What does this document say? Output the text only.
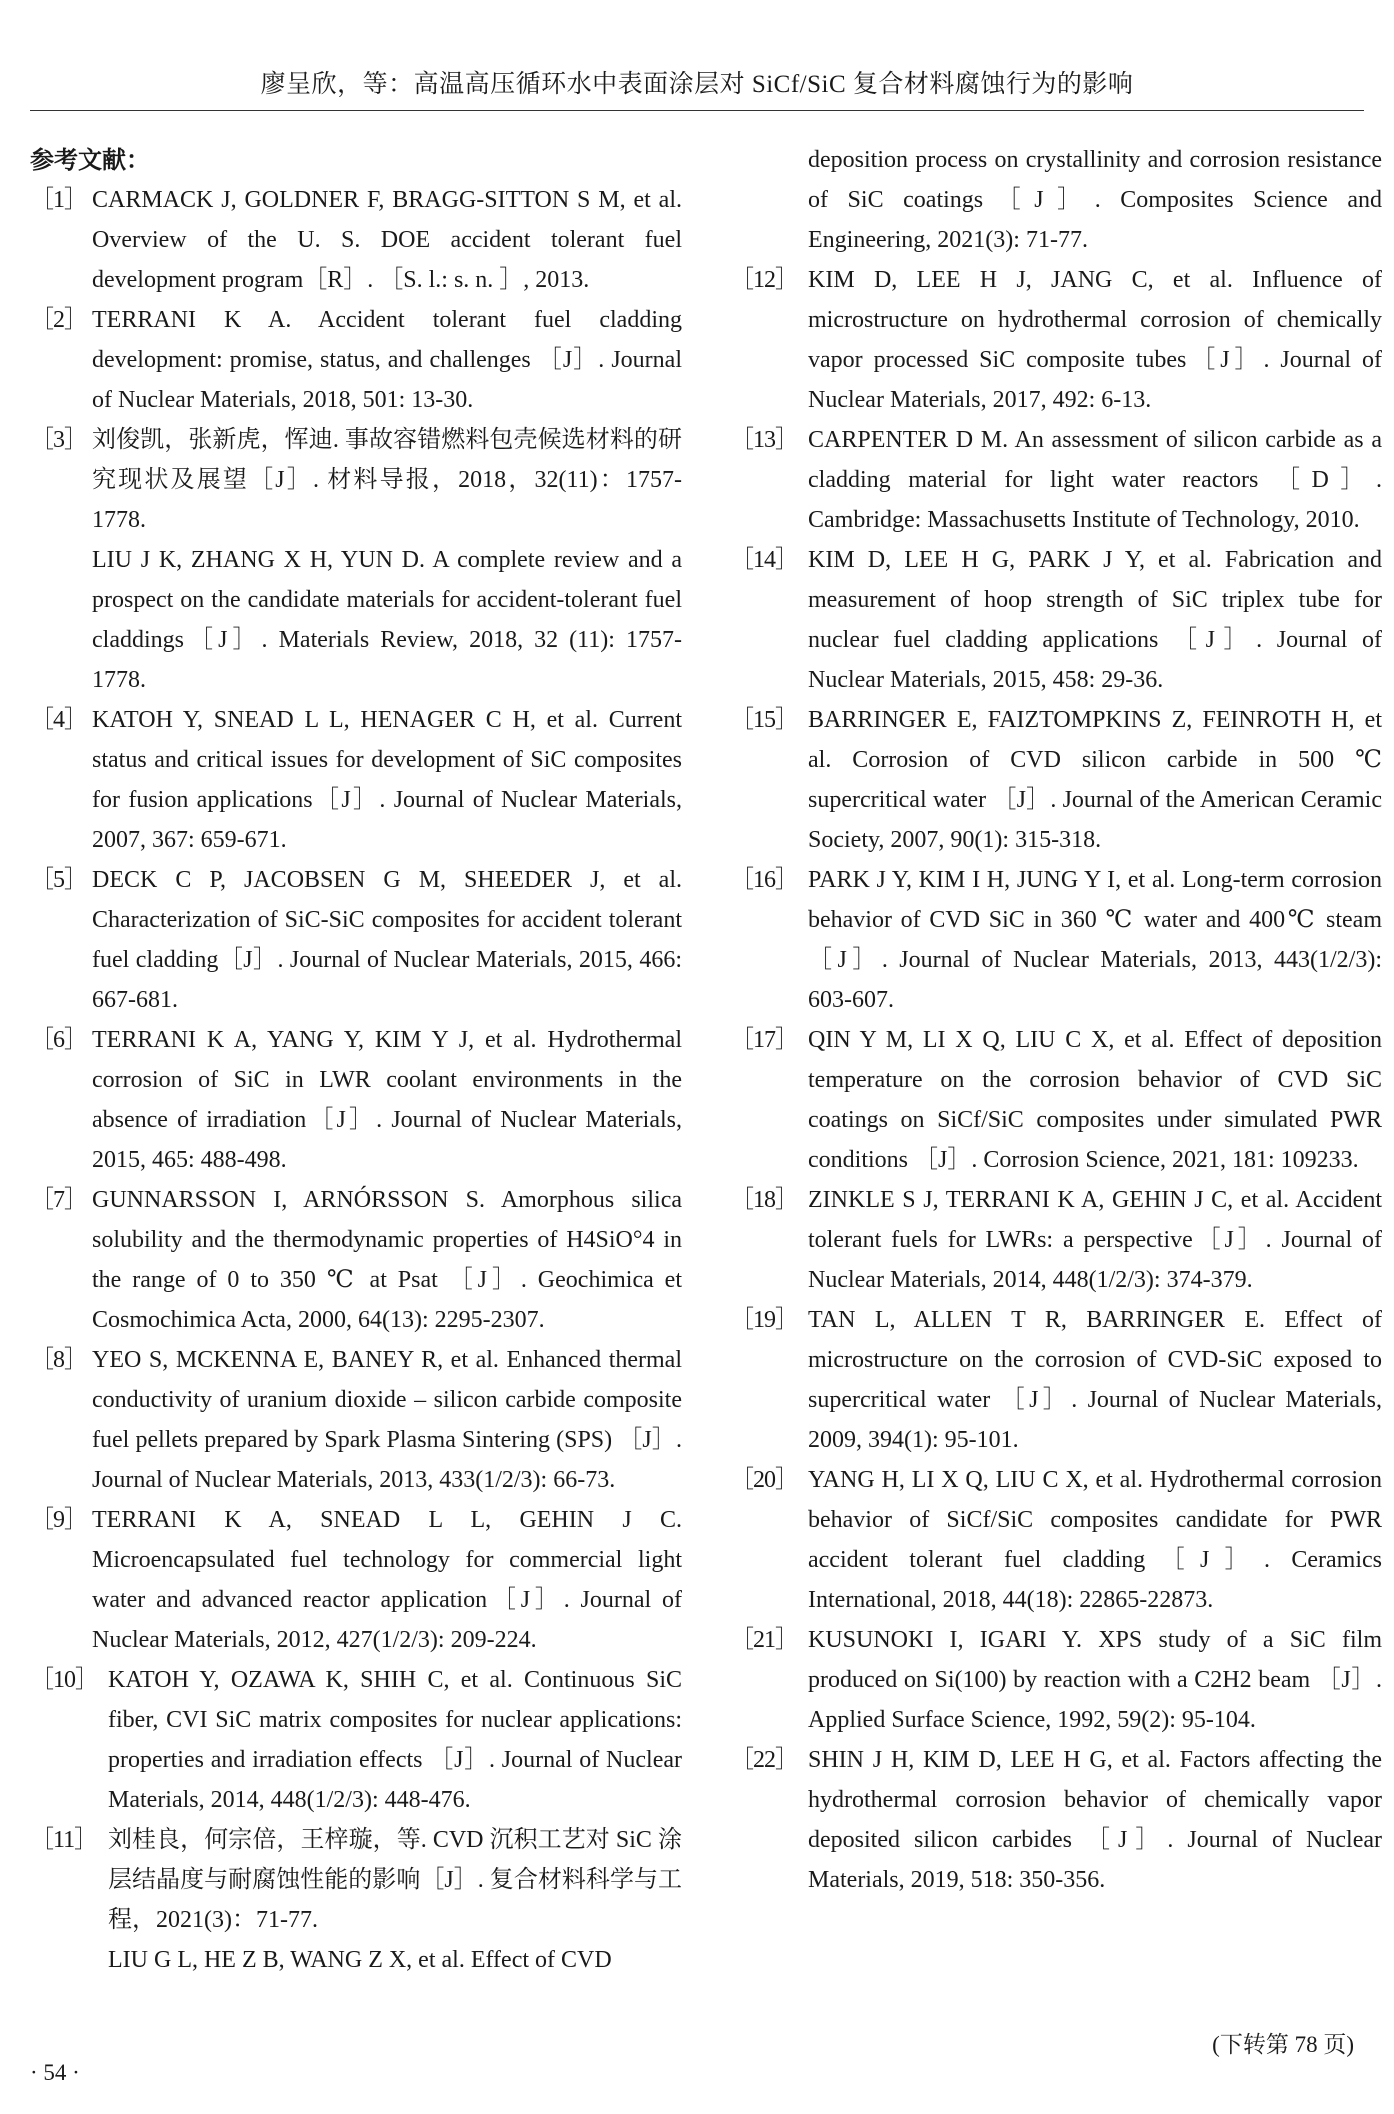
廖呈欣，等：高温高压循环水中表面涂层对 SiCf/SiC 复合材料腐蚀行为的影响
参考文献：
［1］ CARMACK J, GOLDNER F, BRAGG-SITTON S M, et al. Overview of the U. S. DOE accident tolerant fuel development program［R］. ［S. l.: s. n. ］, 2013.
［2］ TERRANI K A. Accident tolerant fuel cladding development: promise, status, and challenges ［J］. Journal of Nuclear Materials, 2018, 501: 13-30.
［3］ 刘俊凯，张新虎，恽迪. 事故容错燃料包壳候选材料的研究现状及展望［J］. 材料导报，2018，32(11)：1757-1778.
LIU J K, ZHANG X H, YUN D. A complete review and a prospect on the candidate materials for accident-tolerant fuel claddings［J］. Materials Review, 2018, 32 (11): 1757-1778.
［4］ KATOH Y, SNEAD L L, HENAGER C H, et al. Current status and critical issues for development of SiC composites for fusion applications［J］. Journal of Nuclear Materials, 2007, 367: 659-671.
［5］ DECK C P, JACOBSEN G M, SHEEDER J, et al. Characterization of SiC-SiC composites for accident tolerant fuel cladding［J］. Journal of Nuclear Materials, 2015, 466: 667-681.
［6］ TERRANI K A, YANG Y, KIM Y J, et al. Hydrothermal corrosion of SiC in LWR coolant environments in the absence of irradiation［J］. Journal of Nuclear Materials, 2015, 465: 488-498.
［7］ GUNNARSSON I, ARNÓRSSON S. Amorphous silica solubility and the thermodynamic properties of H4SiO°4 in the range of 0 to 350 ℃ at Psat ［J］. Geochimica et Cosmochimica Acta, 2000, 64(13): 2295-2307.
［8］ YEO S, MCKENNA E, BANEY R, et al. Enhanced thermal conductivity of uranium dioxide – silicon carbide composite fuel pellets prepared by Spark Plasma Sintering (SPS) ［J］. Journal of Nuclear Materials, 2013, 433(1/2/3): 66-73.
［9］ TERRANI K A, SNEAD L L, GEHIN J C. Microencapsulated fuel technology for commercial light water and advanced reactor application［J］. Journal of Nuclear Materials, 2012, 427(1/2/3): 209-224.
［10］ KATOH Y, OZAWA K, SHIH C, et al. Continuous SiC fiber, CVI SiC matrix composites for nuclear applications: properties and irradiation effects ［J］. Journal of Nuclear Materials, 2014, 448(1/2/3): 448-476.
［11］ 刘桂良，何宗倍，王梓璇，等. CVD 沉积工艺对 SiC 涂层结晶度与耐腐蚀性能的影响［J］. 复合材料科学与工程，2021(3)：71-77.
LIU G L, HE Z B, WANG Z X, et al. Effect of CVD
deposition process on crystallinity and corrosion resistance of SiC coatings［J］. Composites Science and Engineering, 2021(3): 71-77.
［12］ KIM D, LEE H J, JANG C, et al. Influence of microstructure on hydrothermal corrosion of chemically vapor processed SiC composite tubes［J］. Journal of Nuclear Materials, 2017, 492: 6-13.
［13］ CARPENTER D M. An assessment of silicon carbide as a cladding material for light water reactors ［D］. Cambridge: Massachusetts Institute of Technology, 2010.
［14］ KIM D, LEE H G, PARK J Y, et al. Fabrication and measurement of hoop strength of SiC triplex tube for nuclear fuel cladding applications ［J］. Journal of Nuclear Materials, 2015, 458: 29-36.
［15］ BARRINGER E, FAIZTOMPKINS Z, FEINROTH H, et al. Corrosion of CVD silicon carbide in 500 ℃ supercritical water ［J］. Journal of the American Ceramic Society, 2007, 90(1): 315-318.
［16］ PARK J Y, KIM I H, JUNG Y I, et al. Long-term corrosion behavior of CVD SiC in 360 ℃ water and 400℃ steam［J］. Journal of Nuclear Materials, 2013, 443(1/2/3): 603-607.
［17］ QIN Y M, LI X Q, LIU C X, et al. Effect of deposition temperature on the corrosion behavior of CVD SiC coatings on SiCf/SiC composites under simulated PWR conditions ［J］. Corrosion Science, 2021, 181: 109233.
［18］ ZINKLE S J, TERRANI K A, GEHIN J C, et al. Accident tolerant fuels for LWRs: a perspective［J］. Journal of Nuclear Materials, 2014, 448(1/2/3): 374-379.
［19］ TAN L, ALLEN T R, BARRINGER E. Effect of microstructure on the corrosion of CVD-SiC exposed to supercritical water ［J］. Journal of Nuclear Materials, 2009, 394(1): 95-101.
［20］ YANG H, LI X Q, LIU C X, et al. Hydrothermal corrosion behavior of SiCf/SiC composites candidate for PWR accident tolerant fuel cladding［J］. Ceramics International, 2018, 44(18): 22865-22873.
［21］ KUSUNOKI I, IGARI Y. XPS study of a SiC film produced on Si(100) by reaction with a C2H2 beam ［J］. Applied Surface Science, 1992, 59(2): 95-104.
［22］ SHIN J H, KIM D, LEE H G, et al. Factors affecting the hydrothermal corrosion behavior of chemically vapor deposited silicon carbides ［J］. Journal of Nuclear Materials, 2019, 518: 350-356.
· 54 ·
(下转第 78 页)
